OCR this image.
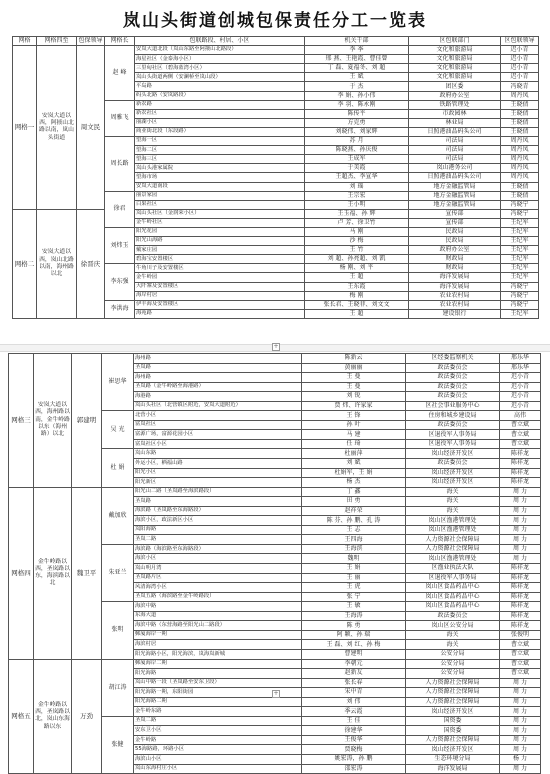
岚山头街道创城包保责任分工一览表
网格	网格四至	包保领导	网格长	包联路段、村居、小区	机关干部	区包联部门	区包联领导
网格一	安岚大道以西，阿掖山北路以南，岚山头街道	周文民	赵 峰	安岚大道北段（岚山东路至阿掖山北路段）	李 季	文化和旅游局	迟小青
				海星社区（金泰海小区）	邢 燕、王艳霞、曹佳曾	文化和旅游局	迟小青
				三里甸社区（碧海蓝湾小区）	丁 磊、夏福冬、刘 超	文化和旅游局	迟小青
				岚山头街道两侧（安澜桥至岚山段）	王 斌	文化和旅游局	迟小青
				平岛路	于 杰	团区委	冯晓青
				码头北路（安岚路段）	李 娟、孙小伟	政府办公室	周丹凤
			周雅飞	新农路	李 羽、陈永刚	铁路管理处	王晓倩
				新农社区	陈传平	市政园林	王晓倩
				丽湖小区	方克勇	林业局	王晓倩
				商业街北段（东段路）	刘晓伟、刘家辉	日照港油品码头公司	王晓倩
			周长路	望海一区	苏 月	司法局	周丹凤
				望海二区	陈晓燕、孙庆俊	司法局	周丹凤
				望海三区	王成军	司法局	周丹凤
				岚山头港家属院	于美霞	岚山港务公司	周丹凤
				望海市场	王超杰、李宣华	日照港油品码头公司	周丹凤
				安岚大道南段	刘 瑶	地方金融监管局	王晓倩
			徐君	丽景家园	王宗宏	地方金融监管局	王晓倩
				白果社区	王小明	地方金融监管局	冯晓宁
网格二	安岚大道以西，岚山北路以南，海州路以北	徐晋庆		岚山头社区（金润荣小区）	王玉福、孙 辉	宣传部	冯晓宁
				金牛岭社区	卢 芳、徐卫竹	宣传部	王纪军
			刘炜玉	阳光花园	马 刚	民政局	王纪军
				阳光山海路	沙 梅	民政局	王纪军
				戴家庄园	王 竹	政府办公室	王纪军
				碧海宝安置楼区	刘 超、孙亮超、刘 凯	财政局	王纪军
			李东强	牛角川子及安置楼区	杨 刚、刘 平	财政局	王纪军
				金牛岭园	王 超	海洋发展局	王纪军
				大阡寨及安置楼区	王东霞	海洋发展局	冯晓宁
				海岸村居	梅 刚	农业农村局	冯晓宁
			李洪海	伊丰海及安置楼区	张长君、王晓菲、刘文文	农业农村局	冯晓宁
				海苑路	王 超	建设银行	王纪军
+
网格三	安岚大道以西，海州路以南，金牛岭路以东（海州路）以北	郭建明	崔思华	海州路	陈新云	区经委监察机关	邢乐华
				圣岚路	黄丽丽	政法委员会	邢乐华
				海州路	王 曼	政法委员会	迟小青
				圣岚路（金牛岭路至海港路）	王 曼	政法委员会	迟小青
				海港路	刘 锐	政法委员会	迟小青
				岚山头社区（北营镇区附近，安岚大道附近）	贾 炜、许家家	区社会事业服务中心	迟小青
			吴 光	北营小区	王 锋	住房和城乡建设局	高伟
				富岚社区	孙 叶	政法委员会	曹立斌
				富源广场，富源花园小区	马 建	区退役军人事务局	曹立斌
				富岚社区小区	任 琦	区退役军人事务局	曹立斌
			杜 娟	岚山东路	杜丽萍	岚山经济开发区	陈祥龙
				外运小区，栖福山路	刘 斌	政法委员会	陈祥龙
				阳光小区	杜娟军，王 娟	岚山经济开发区	陈祥龙
				阳光新区	杨 杰	岚山经济开发区	陈祥龙
网格四	金牛岭路以西，圣岚路以东，海滨路以北	魏卫平	戴加欣	阳光山二路（圣岚路至海滨路段）	丁 鑫	海关	周 力
				圣岚路	田 勇	海关	周 力
				海滨路（圣岚路至东海路段）	赵祥荣	海关	周 力
				海滨小区，政法新区小区	陈 芬、孙 鹏、孔 涛	岚山区渔港管理处	周 力
				岚阳海路	王 志	岚山区渔港管理处	周 力
				圣岚二路	王四海	人力资源社会保障局	周 力
			朱亚兰	海滨路（海滨路至东海路段）	王海滨	人力资源社会保障局	周 力
				海滨小区	魏明	岚山区渔港管理处	周 力
				岚山明月湾	王 娟	区渔业执法大队	陈祥龙
				圣岚路片区	王 丽	区退役军人事务局	陈祥龙
				风清海湾小区	王 虎	岚山区食品药品中心	陈祥龙
				圣岚五路（海滨路至金牛岭路段）	张 宁	岚山区食品药品中心	陈祥龙
			张明	海滨中路	王 敏	岚山区食品药品中心	陈祥龙
				东海大道	王海涛	政法委员会	陈祥龙
				海滨中路（东营海路至阳光山二路段）	陈 勇	岚山区公安分局	陈祥龙
				郵厦海岸一期	阿 颖、孙 瑞	海关	张俊明
				海滨村居	王 磊、刘 红、孙 梅	海关	曹立斌
				阳光海路小区，阳光海滨，岚海岚新城	曹建明	公安分局	曹立斌
网格五	金牛岭路以西，圣岚路以北，岚山东海路以东	万劲	胡江涛	郵厦海岸二期	李朝元	公安分局	曹立斌
				阳光海路	赵新友	公安分局	曹立斌
				岚山中路一段（圣岚路至安东卫段）	张长春	人力资源社会保障局	周 力
				阳光海路一期，东阳街园	宋中青	人力资源社会保障局	周 力
				阳光海路二期	刘 伟	人力资源社会保障局	周 力
				金牛岭东路	季云霞	岚山经济开发区	周 力
			张健	圣岚二路	王 佳	国资委	周 力
				安东卫小区	徐建华	国资委	周 力
				金牛岭路	王俊华	人力资源社会保障局	周 力
				55海路路，环路小区	贾晓梅	岚山经济开发区	周 力
				海滨山小区	姚宏涛，孙 鹏	生态环境分局	杨 力
				岚山东海村庄小区	邵宏涛	海洋发展局	周 力
+
